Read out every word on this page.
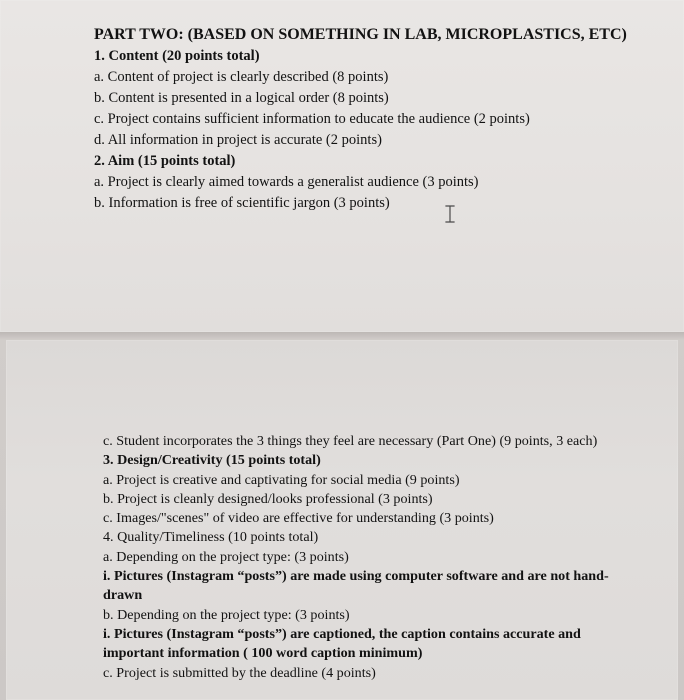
PART TWO: (BASED ON SOMETHING IN LAB, MICROPLASTICS, ETC)
1. Content (20 points total)
a. Content of project is clearly described (8 points)
b. Content is presented in a logical order (8 points)
c. Project contains sufficient information to educate the audience (2 points)
d. All information in project is accurate (2 points)
2. Aim (15 points total)
a. Project is clearly aimed towards a generalist audience (3 points)
b. Information is free of scientific jargon (3 points)
c. Student incorporates the 3 things they feel are necessary (Part One) (9 points, 3 each)
3. Design/Creativity (15 points total)
a. Project is creative and captivating for social media (9 points)
b. Project is cleanly designed/looks professional (3 points)
c. Images/"scenes" of video are effective for understanding (3 points)
4. Quality/Timeliness (10 points total)
a. Depending on the project type: (3 points)
i. Pictures (Instagram “posts”) are made using computer software and are not hand-drawn
b. Depending on the project type: (3 points)
i. Pictures (Instagram “posts”) are captioned, the caption contains accurate and important information ( 100 word caption minimum)
c. Project is submitted by the deadline (4 points)
